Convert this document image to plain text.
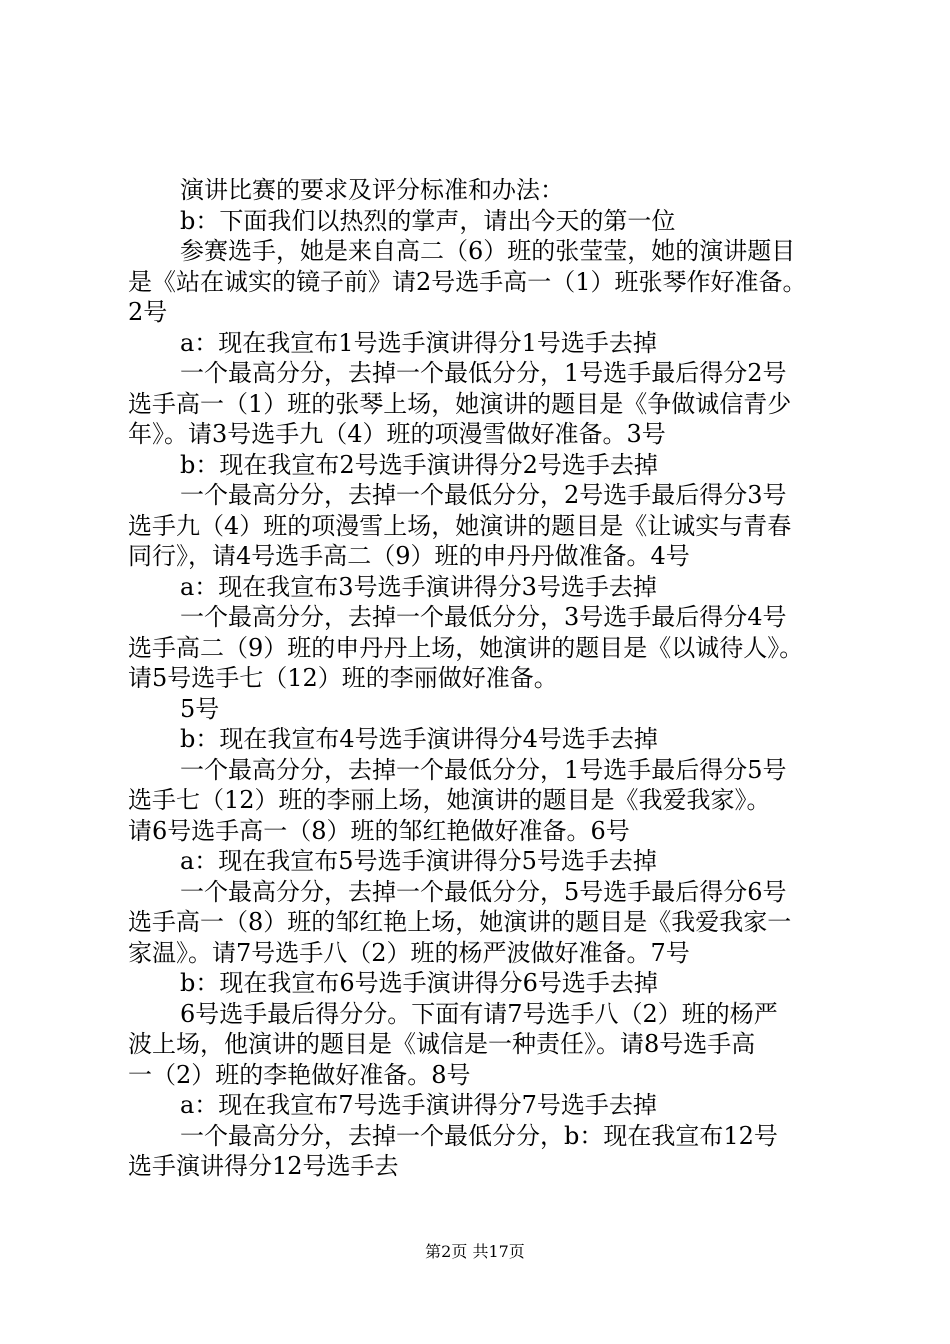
演讲比赛的要求及评分标准和办法：
b：下面我们以热烈的掌声，请出今天的第一位
参赛选手，她是来自高二（6）班的张莹莹，她的演讲题目
是《站在诚实的镜子前》请2号选手高一（1）班张琴作好准备。
2号
a：现在我宣布1号选手演讲得分1号选手去掉
一个最高分分，去掉一个最低分分，1号选手最后得分2号
选手高一（1）班的张琴上场，她演讲的题目是《争做诚信青少
年》。请3号选手九（4）班的项漫雪做好准备。3号
b：现在我宣布2号选手演讲得分2号选手去掉
一个最高分分，去掉一个最低分分，2号选手最后得分3号
选手九（4）班的项漫雪上场，她演讲的题目是《让诚实与青春
同行》，请4号选手高二（9）班的申丹丹做准备。4号
a：现在我宣布3号选手演讲得分3号选手去掉
一个最高分分，去掉一个最低分分，3号选手最后得分4号
选手高二（9）班的申丹丹上场，她演讲的题目是《以诚待人》。
请5号选手七（12）班的李丽做好准备。
5号
b：现在我宣布4号选手演讲得分4号选手去掉
一个最高分分，去掉一个最低分分，1号选手最后得分5号
选手七（12）班的李丽上场，她演讲的题目是《我爱我家》。
请6号选手高一（8）班的邹红艳做好准备。6号
a：现在我宣布5号选手演讲得分5号选手去掉
一个最高分分，去掉一个最低分分，5号选手最后得分6号
选手高一（8）班的邹红艳上场，她演讲的题目是《我爱我家一
家温》。请7号选手八（2）班的杨严波做好准备。7号
b：现在我宣布6号选手演讲得分6号选手去掉
6号选手最后得分分。下面有请7号选手八（2）班的杨严
波上场，他演讲的题目是《诚信是一种责任》。请8号选手高
一（2）班的李艳做好准备。8号
a：现在我宣布7号选手演讲得分7号选手去掉
一个最高分分，去掉一个最低分分，b：现在我宣布12号
选手演讲得分12号选手去
第2页 共17页
